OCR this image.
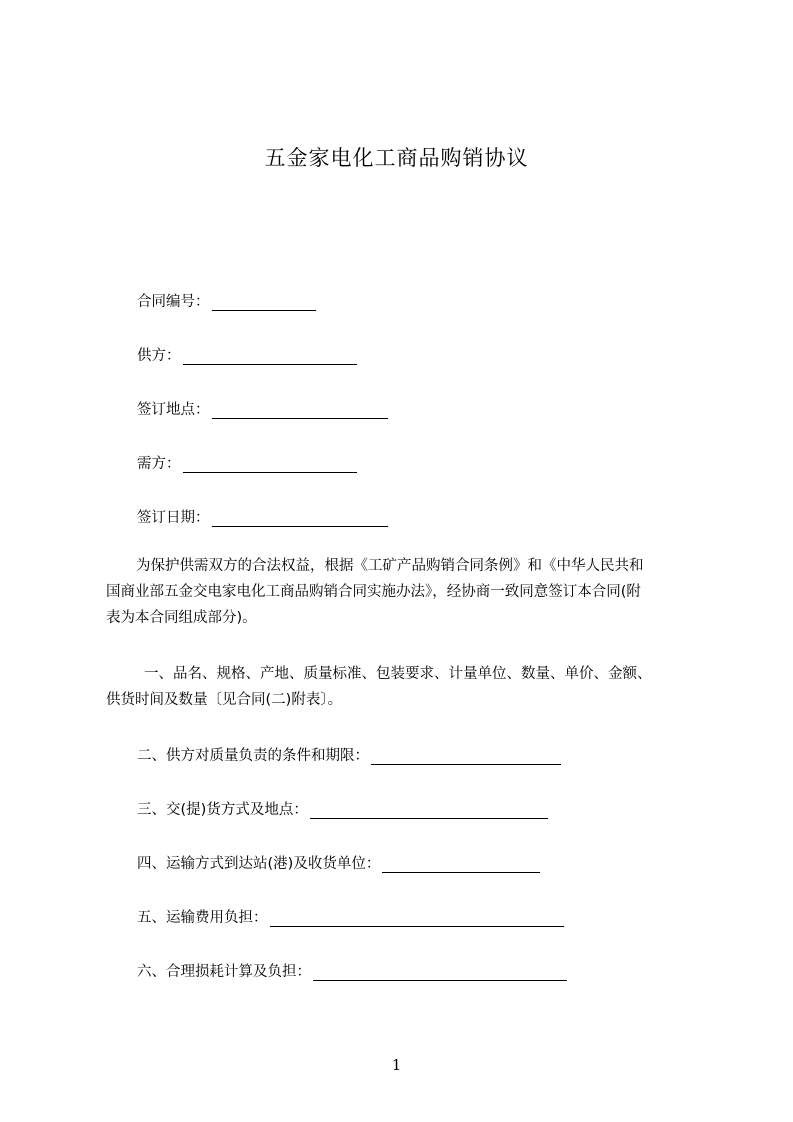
五金家电化工商品购销协议
合同编号：
供方：
签订地点：
需方：
签订日期：
为保护供需双方的合法权益，根据《工矿产品购销合同条例》和《中华人民共和
国商业部五金交电家电化工商品购销合同实施办法》，经协商一致同意签订本合同(附
表为本合同组成部分)。
一、品名、规格、产地、质量标准、包装要求、计量单位、数量、单价、金额、
供货时间及数量〔见合同(二)附表〕。
二、供方对质量负责的条件和期限：
三、交(提)货方式及地点：
四、运输方式到达站(港)及收货单位：
五、运输费用负担：
六、合理损耗计算及负担：
1
